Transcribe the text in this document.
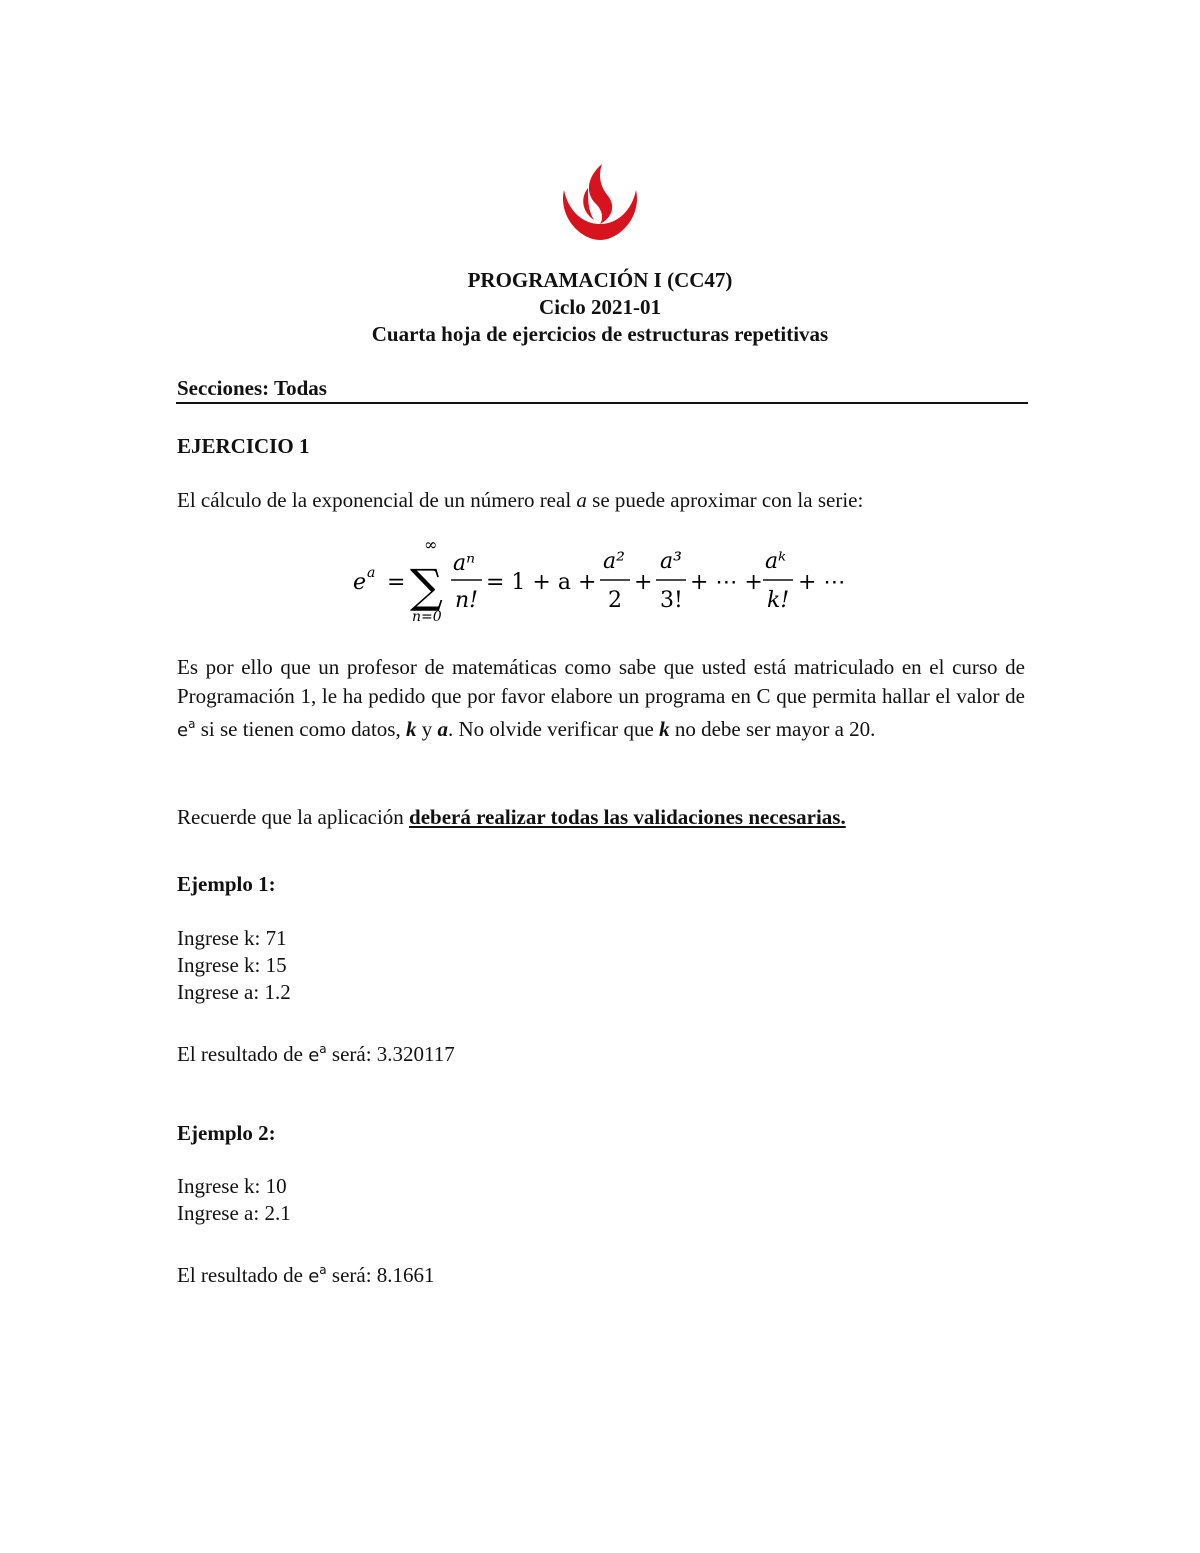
PROGRAMACIÓN I (CC47)
Ciclo 2021-01
Cuarta hoja de ejercicios de estructuras repetitivas
Secciones: Todas
EJERCICIO 1
El cálculo de la exponencial de un número real a se puede aproximar con la serie:
e a =
∞
∑
n=0
aⁿ
n!
= 1 + a +
a²
2
+
a³
3!
+ ⋯ +
aᵏ
k!
+ ⋯
Es por ello que un profesor de matemáticas como sabe que usted está matriculado en el curso de Programación 1, le ha pedido que por favor elabore un programa en C que permita hallar el valor de $e^a$ si se tienen como datos, k y a. No olvide verificar que k no debe ser mayor a 20.
Recuerde que la aplicación deberá realizar todas las validaciones necesarias.
Ejemplo 1:
Ingrese k: 71
Ingrese k: 15
Ingrese a: 1.2
El resultado de $e^a$ será: 3.320117
Ejemplo 2:
Ingrese k: 10
Ingrese a: 2.1
El resultado de $e^a$ será: 8.1661
